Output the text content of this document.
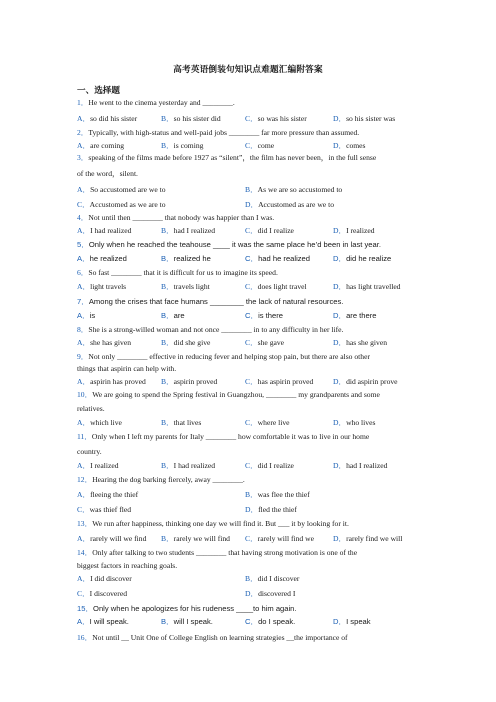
高考英语倒装句知识点难题汇编附答案
一、选择题
1．He went to the cinema yesterday and ________.
A．so did his sister	B．so his sister did	C．so was his sister	D．so his sister was
2．Typically, with high-status and well-paid jobs ________ far more pressure than assumed.
A．are coming	B．is coming	C．come	D．comes
3．speaking of the films made before 1927 as “silent”，the film has never been，in the full sense
of the word，silent.
A．So accustomed are we to	B．As we are so accustomed to
C．Accustomed as we are to	D．Accustomed as are we to
4．Not until then ________ that nobody was happier than I was.
A．I had realized	B．had I realized	C．did I realize	D．I realized
5．Only when he reached the teahouse ____ it was the same place he’d been in last year.
A．he realized	B．realized he	C．had he realized	D．did he realize
6．So fast ________ that it is difficult for us to imagine its speed.
A．light travels	B．travels light	C．does light travel	D．has light travelled
7．Among the crises that face humans ________ the lack of natural resources.
A．is	B．are	C．is there	D．are there
8．She is a strong-willed woman and not once ________ in to any difficulty in her life.
A．she has given	B．did she give	C．she gave	D．has she given
9．Not only ________ effective in reducing fever and helping stop pain, but there are also other
things that aspirin can help with.
A．aspirin has proved B．aspirin proved	C．has aspirin proved	D．did aspirin prove
10．We are going to spend the Spring festival in Guangzhou, ________ my grandparents and some
relatives.
A．which live	B．that lives	C．where live	D．who lives
11．Only when I left my parents for Italy ________ how comfortable it was to live in our home
country.
A．I realized	B．I had realized	C．did I realize	D．had I realized
12．Hearing the dog barking fiercely, away ________.
A．fleeing the thief	B．was flee the thief
C．was thief fled	D．fled the thief
13．We run after happiness, thinking one day we will find it. But ___ it by looking for it.
A．rarely will we find B．rarely we will find C．rarely will find we	D．rarely find we will
14．Only after talking to two students ________ that having strong motivation is one of the
biggest factors in reaching goals.
A．I did discover	B．did I discover
C．I discovered	D．discovered I
15．Only when he apologizes for his rudeness ____to him again.
A．I will speak.	B．will I speak.	C．do I speak.	D．I speak
16．Not until __ Unit One of College English on learning strategies __the importance of
